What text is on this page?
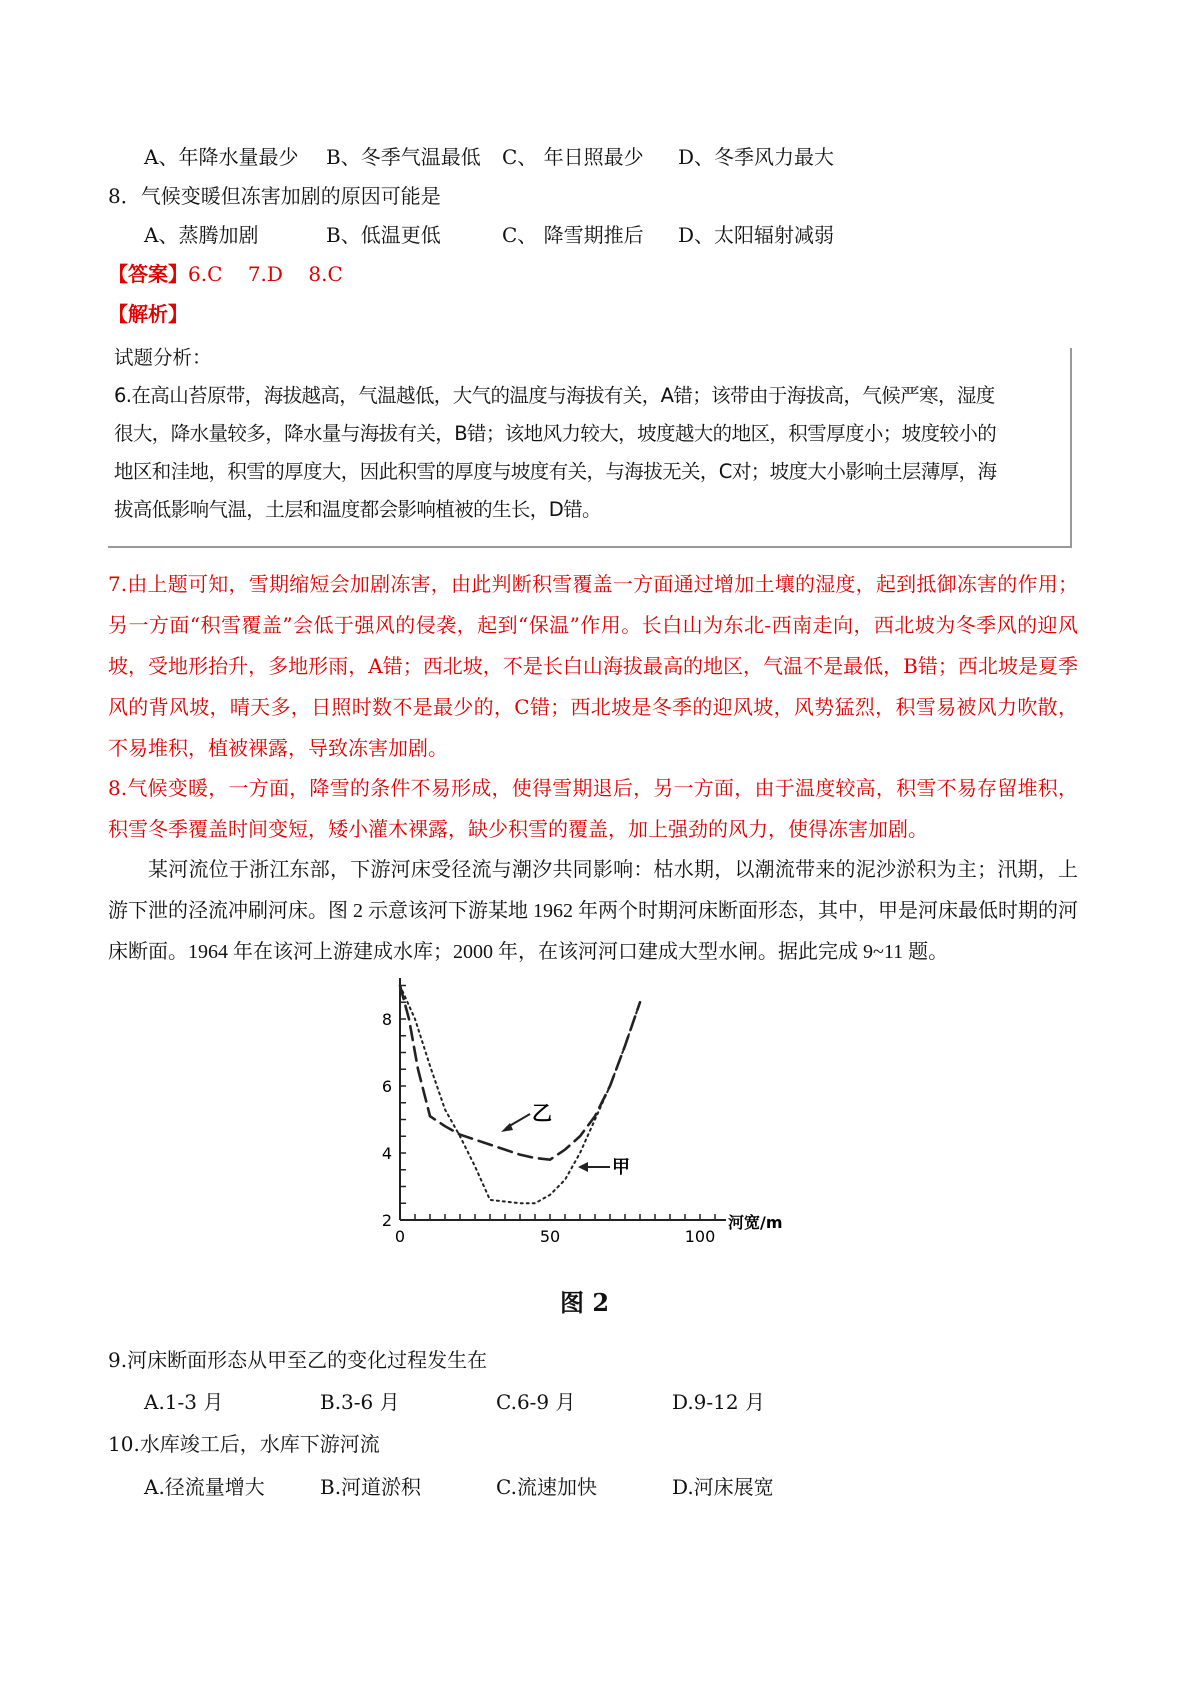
A、年降水量最少 B、冬季气温最低 C、 年日照最少 D、冬季风力最大
8．气候变暖但冻害加剧的原因可能是
A、蒸腾加剧	B、低温更低	C、 降雪期推后 D、太阳辐射减弱
【答案】6.C    7.D    8.C
【解析】
试题分析：
6.在高山苔原带，海拔越高，气温越低，大气的温度与海拔有关，A错；该带由于海拔高，气候严寒，湿度
很大，降水量较多，降水量与海拔有关，B错；该地风力较大，坡度越大的地区，积雪厚度小；坡度较小的
地区和洼地，积雪的厚度大，因此积雪的厚度与坡度有关，与海拔无关，C对；坡度大小影响土层薄厚，海
拔高低影响气温，土层和温度都会影响植被的生长，D错。
7.由上题可知，雪期缩短会加剧冻害，由此判断积雪覆盖一方面通过增加土壤的湿度，起到抵御冻害的作用；另一方面“积雪覆盖”会低于强风的侵袭，起到“保温”作用。长白山为东北-西南走向，西北坡为冬季风的迎风坡，受地形抬升，多地形雨，A错；西北坡，不是长白山海拔最高的地区，气温不是最低，B错；西北坡是夏季风的背风坡，晴天多，日照时数不是最少的，C错；西北坡是冬季的迎风坡，风势猛烈，积雪易被风力吹散，不易堆积，植被裸露，导致冻害加剧。
8.气候变暖，一方面，降雪的条件不易形成，使得雪期退后，另一方面，由于温度较高，积雪不易存留堆积，积雪冬季覆盖时间变短，矮小灌木裸露，缺少积雪的覆盖，加上强劲的风力，使得冻害加剧。
某河流位于浙江东部，下游河床受径流与潮汐共同影响：枯水期，以潮流带来的泥沙淤积为主；汛期，上游下泄的泾流冲刷河床。图 2 示意该河下游某地 1962 年两个时期河床断面形态，其中，甲是河床最低时期的河床断面。1964 年在该河上游建成水库；2000 年，在该河河口建成大型水闸。据此完成 9~11 题。
8
6
4
2
0	50	100
河宽/m
乙
甲
图 2
9.河床断面形态从甲至乙的变化过程发生在
A.1-3 月	B.3-6 月	C.6-9 月	D.9-12 月
10.水库竣工后，水库下游河流
A.径流量增大	B.河道淤积	C.流速加快	D.河床展宽
